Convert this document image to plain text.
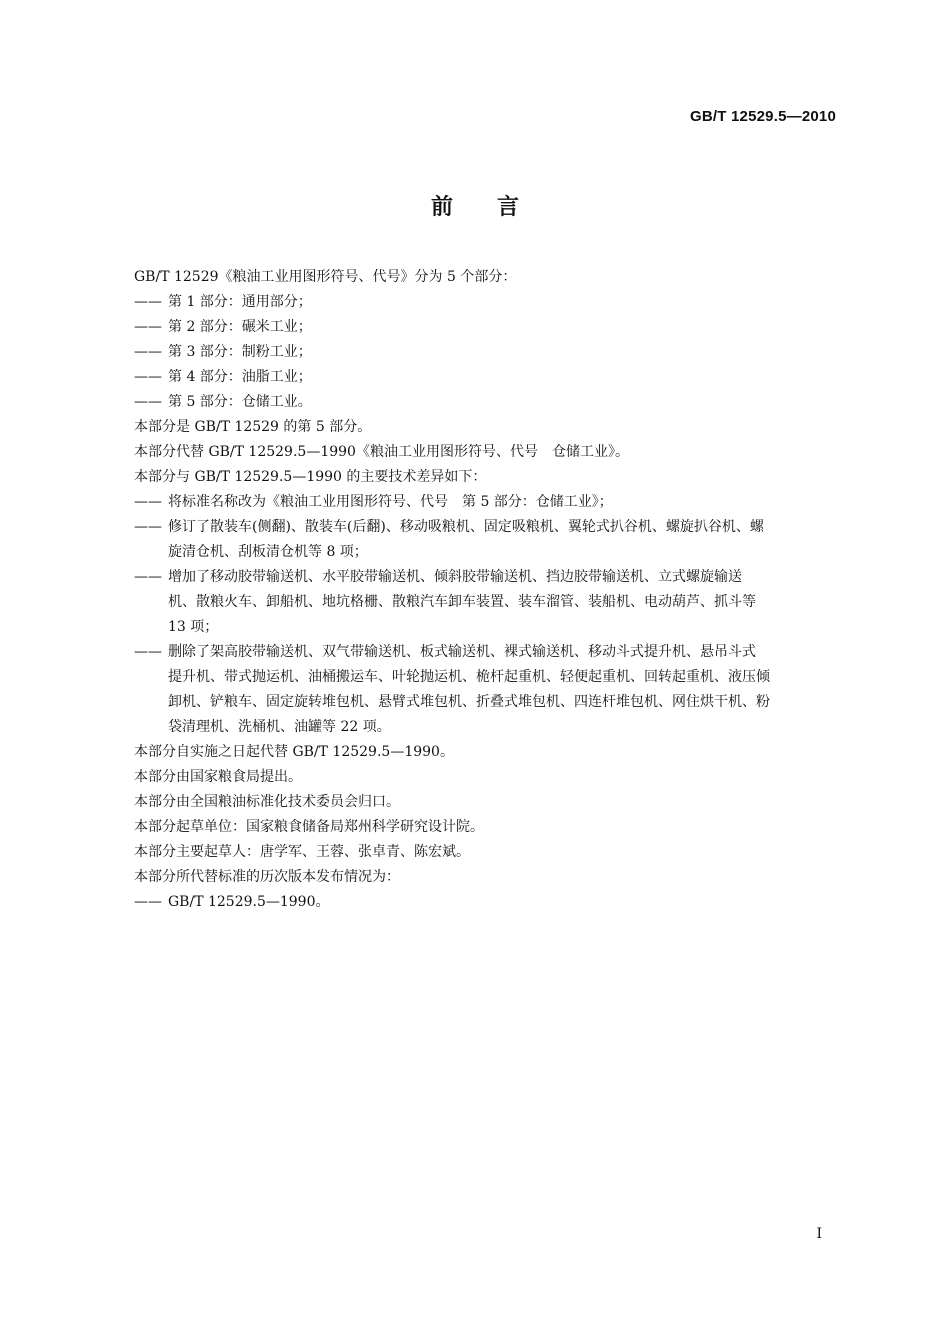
GB/T 12529.5—2010
前言
GB/T 12529《粮油工业用图形符号、代号》分为 5 个部分：
—— 第 1 部分：通用部分；
—— 第 2 部分：碾米工业；
—— 第 3 部分：制粉工业；
—— 第 4 部分：油脂工业；
—— 第 5 部分：仓储工业。
本部分是 GB/T 12529 的第 5 部分。
本部分代替 GB/T 12529.5—1990《粮油工业用图形符号、代号　仓储工业》。
本部分与 GB/T 12529.5—1990 的主要技术差异如下：
—— 将标准名称改为《粮油工业用图形符号、代号　第 5 部分：仓储工业》；
—— 修订了散装车(侧翻)、散装车(后翻)、移动吸粮机、固定吸粮机、翼轮式扒谷机、螺旋扒谷机、螺
旋清仓机、刮板清仓机等 8 项；
—— 增加了移动胶带输送机、水平胶带输送机、倾斜胶带输送机、挡边胶带输送机、立式螺旋输送
机、散粮火车、卸船机、地坑格栅、散粮汽车卸车装置、装车溜管、装船机、电动葫芦、抓斗等
13 项；
—— 删除了架高胶带输送机、双气带输送机、板式输送机、裸式输送机、移动斗式提升机、悬吊斗式
提升机、带式抛运机、油桶搬运车、叶轮抛运机、桅杆起重机、轻便起重机、回转起重机、液压倾
卸机、铲粮车、固定旋转堆包机、悬臂式堆包机、折叠式堆包机、四连杆堆包机、网住烘干机、粉
袋清理机、洗桶机、油罐等 22 项。
本部分自实施之日起代替 GB/T 12529.5—1990。
本部分由国家粮食局提出。
本部分由全国粮油标准化技术委员会归口。
本部分起草单位：国家粮食储备局郑州科学研究设计院。
本部分主要起草人：唐学军、王蓉、张卓青、陈宏斌。
本部分所代替标准的历次版本发布情况为：
—— GB/T 12529.5—1990。
I
